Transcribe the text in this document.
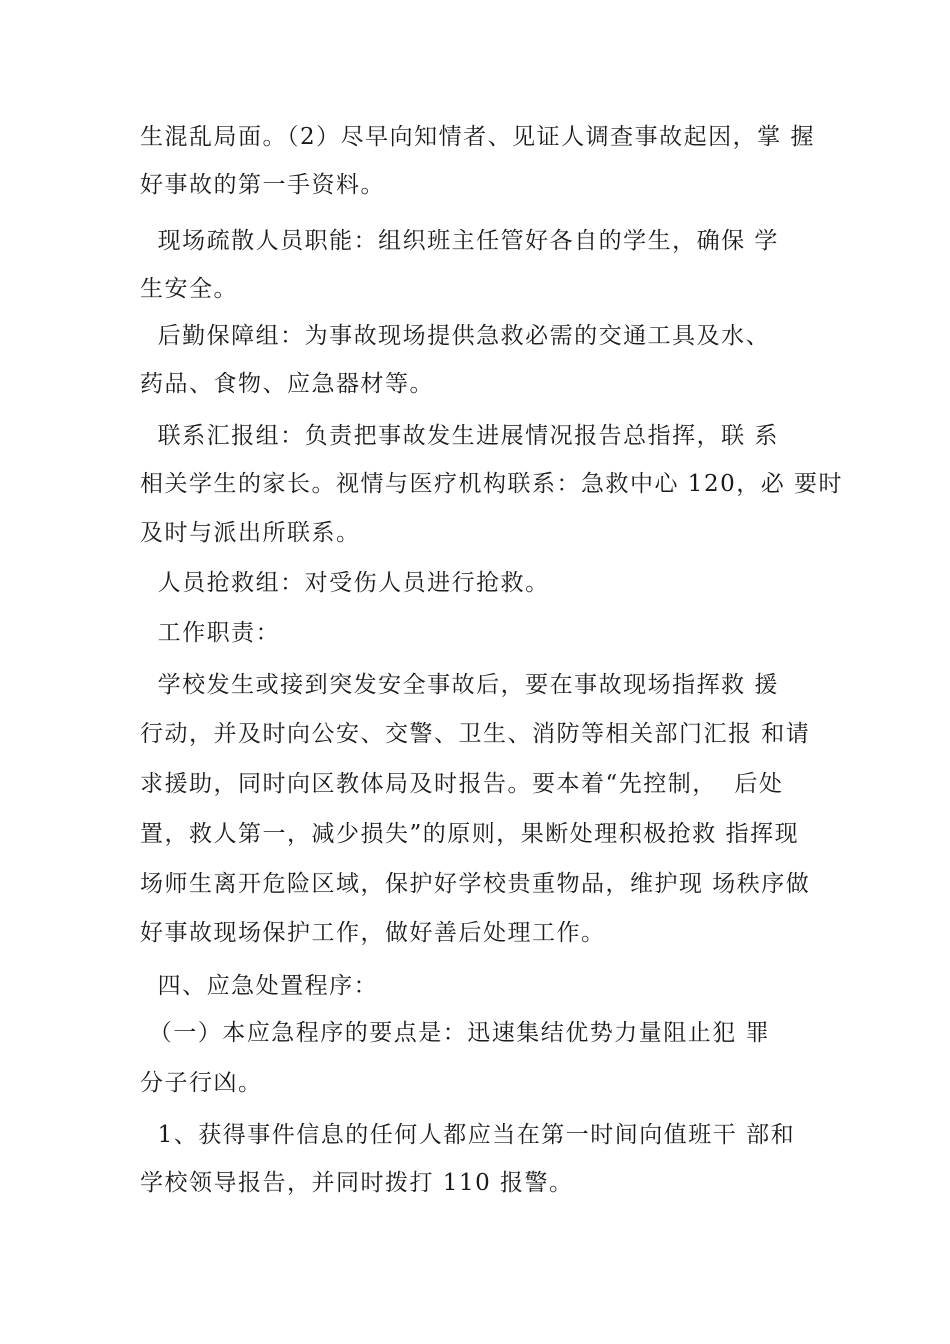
生混乱局面。（2）尽早向知情者、见证人调查事故起因，掌 握
好事故的第一手资料。
现场疏散人员职能：组织班主任管好各自的学生，确保 学
生安全。
后勤保障组：为事故现场提供急救必需的交通工具及水、
药品、食物、应急器材等。
联系汇报组：负责把事故发生进展情况报告总指挥，联 系
相关学生的家长。视情与医疗机构联系：急救中心 120，必 要时
及时与派出所联系。
人员抢救组：对受伤人员进行抢救。
工作职责：
学校发生或接到突发安全事故后，要在事故现场指挥救 援
行动，并及时向公安、交警、卫生、消防等相关部门汇报 和请
求援助，同时向区教体局及时报告。要本着“先控制，  后处
置，救人第一，减少损失”的原则，果断处理积极抢救 指挥现
场师生离开危险区域，保护好学校贵重物品，维护现 场秩序做
好事故现场保护工作，做好善后处理工作。
四、应急处置程序：
（一）本应急程序的要点是：迅速集结优势力量阻止犯 罪
分子行凶。
1、获得事件信息的任何人都应当在第一时间向值班干 部和
学校领导报告，并同时拨打 110 报警。
